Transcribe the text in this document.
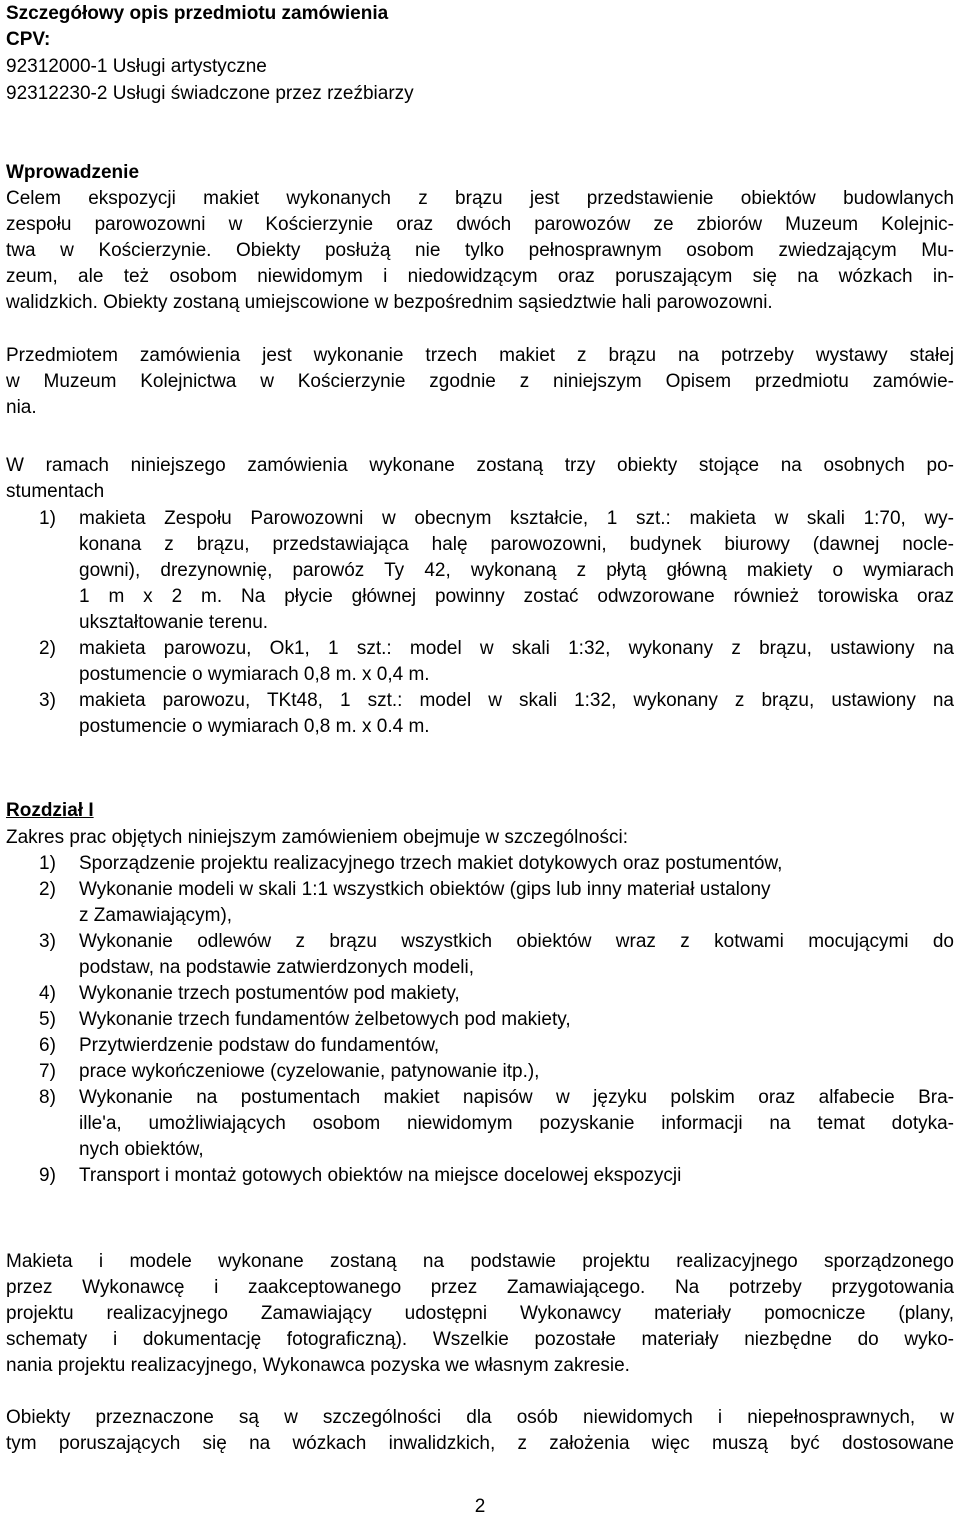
Szczegółowy opis przedmiotu zamówienia
CPV:
92312000-1 Usługi artystyczne
92312230-2 Usługi świadczone przez rzeźbiarzy
Wprowadzenie
Celem ekspozycji makiet wykonanych z brązu jest przedstawienie obiektów budowlanych
zespołu parowozowni w Kościerzynie oraz dwóch parowozów ze zbiorów Muzeum Kolejnic-
twa w Kościerzynie. Obiekty posłużą nie tylko pełnosprawnym osobom zwiedzającym Mu-
zeum, ale też osobom niewidomym i niedowidzącym oraz poruszającym się na wózkach in-
walidzkich. Obiekty zostaną umiejscowione w bezpośrednim sąsiedztwie hali parowozowni.
Przedmiotem zamówienia jest wykonanie trzech makiet z brązu na potrzeby wystawy stałej
w Muzeum Kolejnictwa w Kościerzynie zgodnie z niniejszym Opisem przedmiotu zamówie-
nia.
W ramach niniejszego zamówienia wykonane zostaną trzy obiekty stojące na osobnych po-
stumentach
1)	makieta Zespołu Parowozowni w obecnym kształcie, 1 szt.: makieta w skali 1:70, wy-
konana z brązu, przedstawiająca halę parowozowni, budynek biurowy (dawnej nocle-
gowni), drezynownię, parowóz Ty 42, wykonaną z płytą główną makiety o wymiarach
1 m x 2 m. Na płycie głównej powinny zostać odwzorowane również torowiska oraz
ukształtowanie terenu.
2)	makieta parowozu, Ok1, 1 szt.: model w skali 1:32, wykonany z brązu, ustawiony na
postumencie o wymiarach 0,8 m. x 0,4 m.
3)	makieta parowozu, TKt48, 1 szt.: model w skali 1:32, wykonany z brązu, ustawiony na
postumencie o wymiarach 0,8 m. x 0.4 m.
Rozdział I
Zakres prac objętych niniejszym zamówieniem obejmuje w szczególności:
1)	Sporządzenie projektu realizacyjnego trzech makiet dotykowych oraz postumentów,
2)	Wykonanie modeli w skali 1:1 wszystkich obiektów (gips lub inny materiał ustalony
z Zamawiającym),
3)	Wykonanie odlewów z brązu wszystkich obiektów wraz z kotwami mocującymi do
podstaw, na podstawie zatwierdzonych modeli,
4)	Wykonanie trzech postumentów pod makiety,
5)	Wykonanie trzech fundamentów żelbetowych pod makiety,
6)	Przytwierdzenie podstaw do fundamentów,
7)	prace wykończeniowe (cyzelowanie, patynowanie itp.),
8)	Wykonanie na postumentach makiet napisów w języku polskim oraz alfabecie Bra-
ille'a, umożliwiających osobom niewidomym pozyskanie informacji na temat dotyka-
nych obiektów,
9)	Transport i montaż gotowych obiektów na miejsce docelowej ekspozycji
Makieta i modele wykonane zostaną na podstawie projektu realizacyjnego sporządzonego
przez Wykonawcę i zaakceptowanego przez Zamawiającego. Na potrzeby przygotowania
projektu realizacyjnego Zamawiający udostępni Wykonawcy materiały pomocnicze (plany,
schematy i dokumentację fotograficzną). Wszelkie pozostałe materiały niezbędne do wyko-
nania projektu realizacyjnego, Wykonawca pozyska we własnym zakresie.
Obiekty przeznaczone są w szczególności dla osób niewidomych i niepełnosprawnych, w
tym poruszających się na wózkach inwalidzkich, z założenia więc muszą być dostosowane
2
